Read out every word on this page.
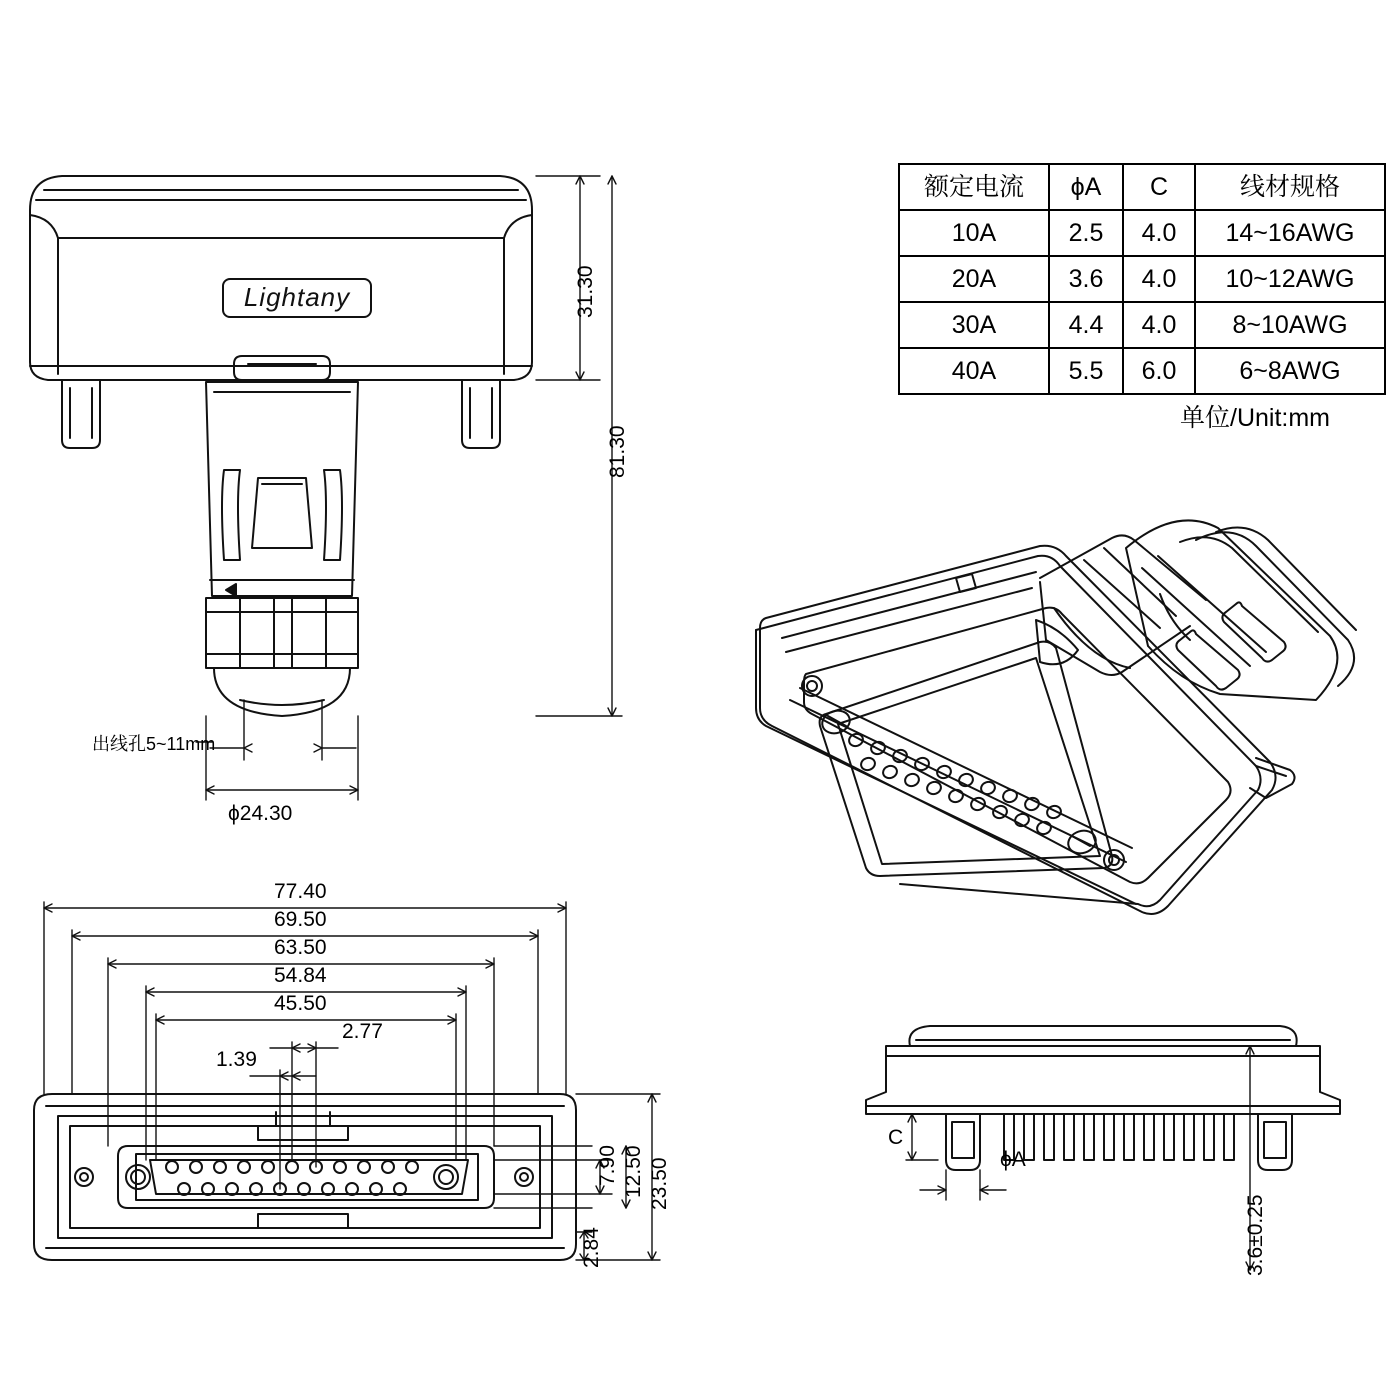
Lightany
额定电流	ϕA	C	线材规格
10A	2.5	4.0	14~16AWG
20A	3.6	4.0	10~12AWG
30A	4.4	4.0	8~10AWG
40A	5.5	6.0	6~8AWG
单位/Unit:mm
31.30
81.30
出线孔5~11mm
ϕ24.30
77.40
69.50
63.50
54.84
45.50
2.77
1.39
23.50
12.50
7.90
2.84
C
ϕA
3.6±0.25
